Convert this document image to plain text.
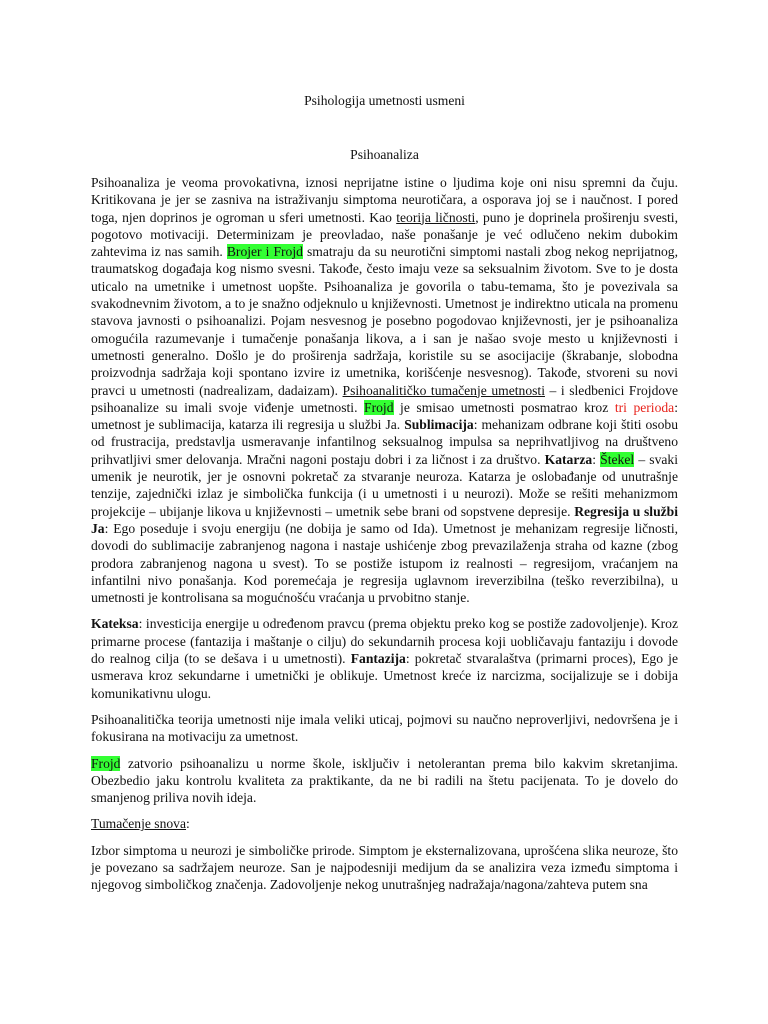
Psihologija umetnosti usmeni
Psihoanaliza

Psihoanaliza je veoma provokativna, iznosi neprijatne istine o ljudima koje oni nisu spremni da čuju. Kritikovana je jer se zasniva na istraživanju simptoma neurotičara, a osporava joj se i naučnost. I pored toga, njen doprinos je ogroman u sferi umetnosti. Kao teorija ličnosti, puno je doprinela proširenju svesti, pogotovo motivaciji. Determinizam je preovladao, naše ponašanje je već odlučeno nekim dubokim zahtevima iz nas samih. Brojer i Frojd smatraju da su neurotični simptomi nastali zbog nekog neprijatnog, traumatskog događaja kog nismo svesni. Takođe, često imaju veze sa seksualnim životom. Sve to je dosta uticalo na umetnike i umetnost uopšte. Psihoanaliza je govorila o tabu-temama, što je povezivala sa svakodnevnim životom, a to je snažno odjeknulo u književnosti. Umetnost je indirektno uticala na promenu stavova javnosti o psihoanalizi. Pojam nesvesnog je posebno pogodovao književnosti, jer je psihoanaliza omogućila razumevanje i tumačenje ponašanja likova, a i san je našao svoje mesto u književnosti i umetnosti generalno. Došlo je do proširenja sadržaja, koristile su se asocijacije (škrabanje, slobodna proizvodnja sadržaja koji spontano izvire iz umetnika, korišćenje nesvesnog). Takođe, stvoreni su novi pravci u umetnosti (nadrealizam, dadaizam). Psihoanalitičko tumačenje umetnosti – i sledbenici Frojdove psihoanalize su imali svoje viđenje umetnosti. Frojd je smisao umetnosti posmatrao kroz tri perioda: umetnost je sublimacija, katarza ili regresija u službi Ja. Sublimacija: mehanizam odbrane koji štiti osobu od frustracija, predstavlja usmeravanje infantilnog seksualnog impulsa sa neprihvatljivog na društveno prihvatljivi smer delovanja. Mračni nagoni postaju dobri i za ličnost i za društvo. Katarza: Štekel – svaki umenik je neurotik, jer je osnovni pokretač za stvaranje neuroza. Katarza je oslobađanje od unutrašnje tenzije, zajednički izlaz je simbolička funkcija (i u umetnosti i u neurozi). Može se rešiti mehanizmom projekcije – ubijanje likova u književnosti – umetnik sebe brani od sopstvene depresije. Regresija u službi Ja: Ego poseduje i svoju energiju (ne dobija je samo od Ida). Umetnost je mehanizam regresije ličnosti, dovodi do sublimacije zabranjenog nagona i nastaje ushićenje zbog prevazilaženja straha od kazne (zbog prodora zabranjenog nagona u svest). To se postiže istupom iz realnosti – regresijom, vraćanjem na infantilni nivo ponašanja. Kod poremećaja je regresija uglavnom ireverzibilna (teško reverzibilna), u umetnosti je kontrolisana sa mogućnošću vraćanja u prvobitno stanje.

Kateksa: investicija energije u određenom pravcu (prema objektu preko kog se postiže zadovoljenje). Kroz primarne procese (fantazija i maštanje o cilju) do sekundarnih procesa koji uobličavaju fantaziju i dovode do realnog cilja (to se dešava i u umetnosti). Fantazija: pokretač stvaralaštva (primarni proces), Ego je usmerava kroz sekundarne i umetnički je oblikuje. Umetnost kreće iz narcizma, socijalizuje se i dobija komunikativnu ulogu.

Psihoanalitička teorija umetnosti nije imala veliki uticaj, pojmovi su naučno neproverljivi, nedovršena je i fokusirana na motivaciju za umetnost.

Frojd zatvorio psihoanalizu u norme škole, isključiv i netolerantan prema bilo kakvim skretanjima. Obezbedio jaku kontrolu kvaliteta za praktikante, da ne bi radili na štetu pacijenata. To je dovelo do smanjenog priliva novih ideja.

Tumačenje snova:

Izbor simptoma u neurozi je simboličke prirode. Simptom je eksternalizovana, uprošćena slika neuroze, što je povezano sa sadržajem neuroze. San je najpodesniji medijum da se analizira veza između simptoma i njegovog simboličkog značenja. Zadovoljenje nekog unutrašnjeg nadražaja/nagona/zahteva putem sna
